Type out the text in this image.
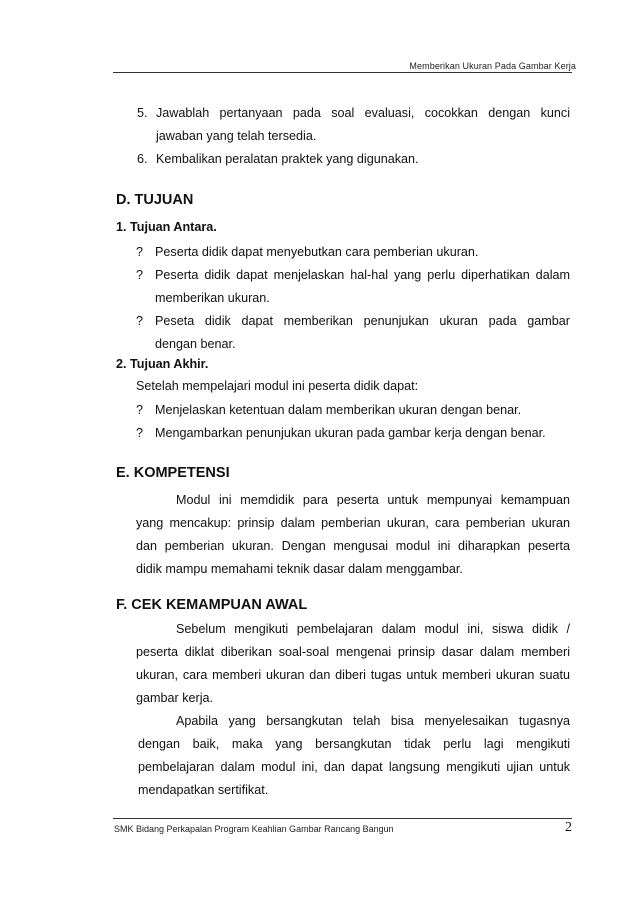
Memberikan Ukuran Pada Gambar Kerja
5. Jawablah pertanyaan pada soal evaluasi, cocokkan dengan kunci
jawaban yang telah tersedia.
6. Kembalikan peralatan praktek yang digunakan.
D. TUJUAN
1. Tujuan Antara.
? Peserta didik dapat menyebutkan cara pemberian ukuran.
? Peserta didik dapat menjelaskan hal-hal yang perlu diperhatikan dalam
memberikan ukuran.
? Peseta didik dapat memberikan penunjukan ukuran pada gambar
dengan benar.
2. Tujuan Akhir.
Setelah mempelajari modul ini peserta didik dapat:
? Menjelaskan ketentuan dalam memberikan ukuran dengan benar.
? Mengambarkan penunjukan ukuran pada gambar kerja dengan benar.
E. KOMPETENSI
Modul ini memdidik para peserta untuk mempunyai kemampuan
yang mencakup: prinsip dalam pemberian ukuran, cara pemberian ukuran
dan pemberian ukuran. Dengan mengusai modul ini diharapkan peserta
didik mampu memahami teknik dasar dalam menggambar.
F. CEK KEMAMPUAN AWAL
Sebelum mengikuti pembelajaran dalam modul ini, siswa didik /
peserta diklat diberikan soal-soal mengenai prinsip dasar dalam memberi
ukuran, cara memberi ukuran dan diberi tugas untuk memberi ukuran suatu
gambar kerja.
Apabila yang bersangkutan telah bisa menyelesaikan tugasnya
dengan baik, maka yang bersangkutan tidak perlu lagi mengikuti
pembelajaran dalam modul ini, dan dapat langsung mengikuti ujian untuk
mendapatkan sertifikat.
SMK Bidang Perkapalan Program Keahlian Gambar Rancang Bangun	2
